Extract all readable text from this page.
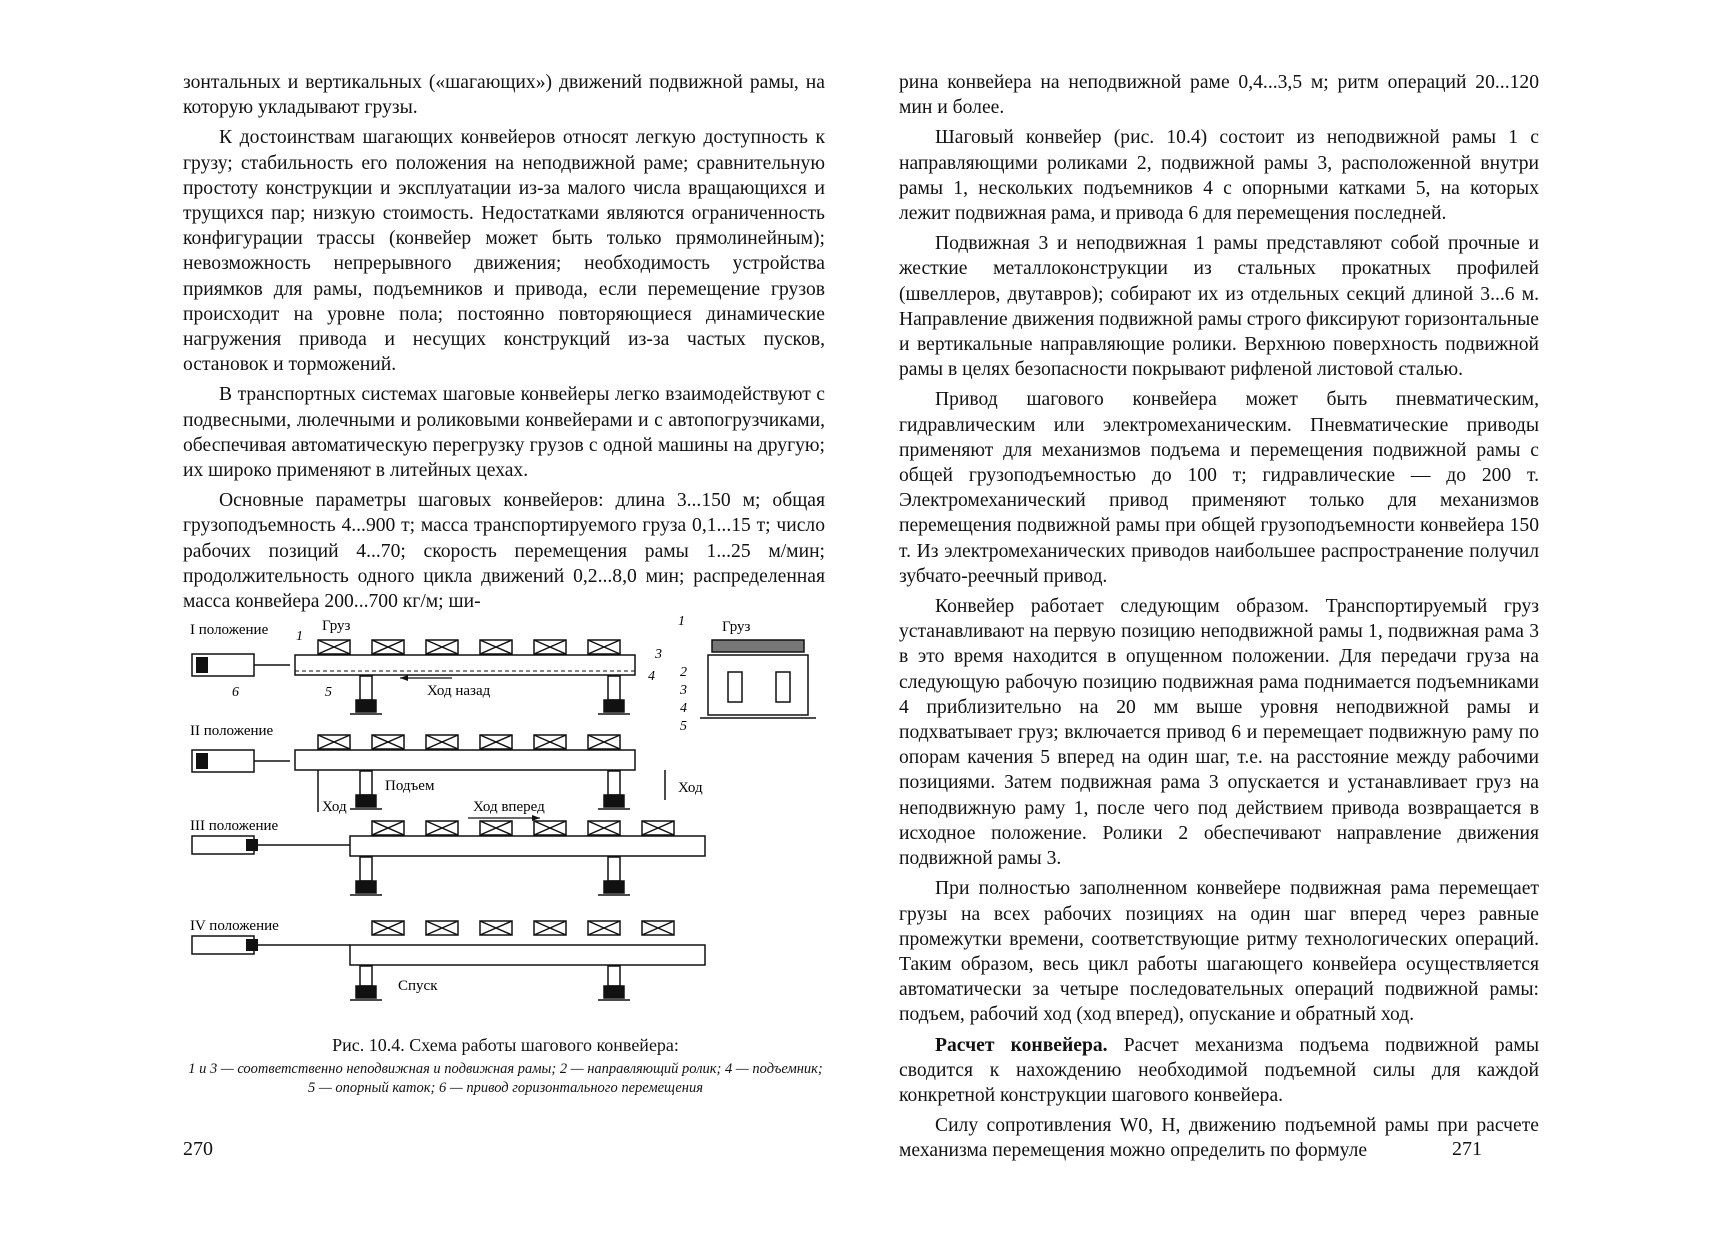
зонтальных и вертикальных («шагающих») движений подвижной рамы, на которую укладывают грузы.

К достоинствам шагающих конвейеров относят легкую доступность к грузу; стабильность его положения на неподвижной раме; сравнительную простоту конструкции и эксплуатации из-за малого числа вращающихся и трущихся пар; низкую стоимость. Недостатками являются ограниченность конфигурации трассы (конвейер может быть только прямолинейным); невозможность непрерывного движения; необходимость устройства приямков для рамы, подъемников и привода, если перемещение грузов происходит на уровне пола; постоянно повторяющиеся динамические нагружения привода и несущих конструкций из-за частых пусков, остановок и торможений.

В транспортных системах шаговые конвейеры легко взаимодействуют с подвесными, люлечными и роликовыми конвейерами и с автопогрузчиками, обеспечивая автоматическую перегрузку грузов с одной машины на другую; их широко применяют в литейных цехах.

Основные параметры шаговых конвейеров: длина 3...150 м; общая грузоподъемность 4...900 т; масса транспортируемого груза 0,1...15 т; число рабочих позиций 4...70; скорость перемещения рамы 1...25 м/мин; продолжительность одного цикла движений 0,2...8,0 мин; распределенная масса конвейера 200...700 кг/м; ши-

I положение	Груз	Груз
Ход назад
1
1
2
3
3
4
4
5
5
6
II положение
Подъем	Ход
Ход	Ход вперед
III положение
IV положение
Спуск
Рис. 10.4. Схема работы шагового конвейера:
1 и 3 — соответственно неподвижная и подвижная рамы; 2 — направляющий ролик; 4 — подъемник; 5 — опорный каток; 6 — привод горизонтального перемещения
270

рина конвейера на неподвижной раме 0,4...3,5 м; ритм операций 20...120 мин и более.

Шаговый конвейер (рис. 10.4) состоит из неподвижной рамы 1 с направляющими роликами 2, подвижной рамы 3, расположенной внутри рамы 1, нескольких подъемников 4 с опорными катками 5, на которых лежит подвижная рама, и привода 6 для перемещения последней.

Подвижная 3 и неподвижная 1 рамы представляют собой прочные и жесткие металлоконструкции из стальных прокатных профилей (швеллеров, двутавров); собирают их из отдельных секций длиной 3...6 м. Направление движения подвижной рамы строго фиксируют горизонтальные и вертикальные направляющие ролики. Верхнюю поверхность подвижной рамы в целях безопасности покрывают рифленой листовой сталью.

Привод шагового конвейера может быть пневматическим, гидравлическим или электромеханическим. Пневматические приводы применяют для механизмов подъема и перемещения подвижной рамы с общей грузоподъемностью до 100 т; гидравлические — до 200 т. Электромеханический привод применяют только для механизмов перемещения подвижной рамы при общей грузоподъемности конвейера 150 т. Из электромеханических приводов наибольшее распространение получил зубчато-реечный привод.

Конвейер работает следующим образом. Транспортируемый груз устанавливают на первую позицию неподвижной рамы 1, подвижная рама 3 в это время находится в опущенном положении. Для передачи груза на следующую рабочую позицию подвижная рама поднимается подъемниками 4 приблизительно на 20 мм выше уровня неподвижной рамы и подхватывает груз; включается привод 6 и перемещает подвижную раму по опорам качения 5 вперед на один шаг, т.е. на расстояние между рабочими позициями. Затем подвижная рама 3 опускается и устанавливает груз на неподвижную раму 1, после чего под действием привода возвращается в исходное положение. Ролики 2 обеспечивают направление движения подвижной рамы 3.

При полностью заполненном конвейере подвижная рама перемещает грузы на всех рабочих позициях на один шаг вперед через равные промежутки времени, соответствующие ритму технологических операций. Таким образом, весь цикл работы шагающего конвейера осуществляется автоматически за четыре последовательных операций подвижной рамы: подъем, рабочий ход (ход вперед), опускание и обратный ход.

Расчет конвейера. Расчет механизма подъема подвижной рамы сводится к нахождению необходимой подъемной силы для каждой конкретной конструкции шагового конвейера.

Силу сопротивления W0, Н, движению подъемной рамы при расчете механизма перемещения можно определить по формуле	271
